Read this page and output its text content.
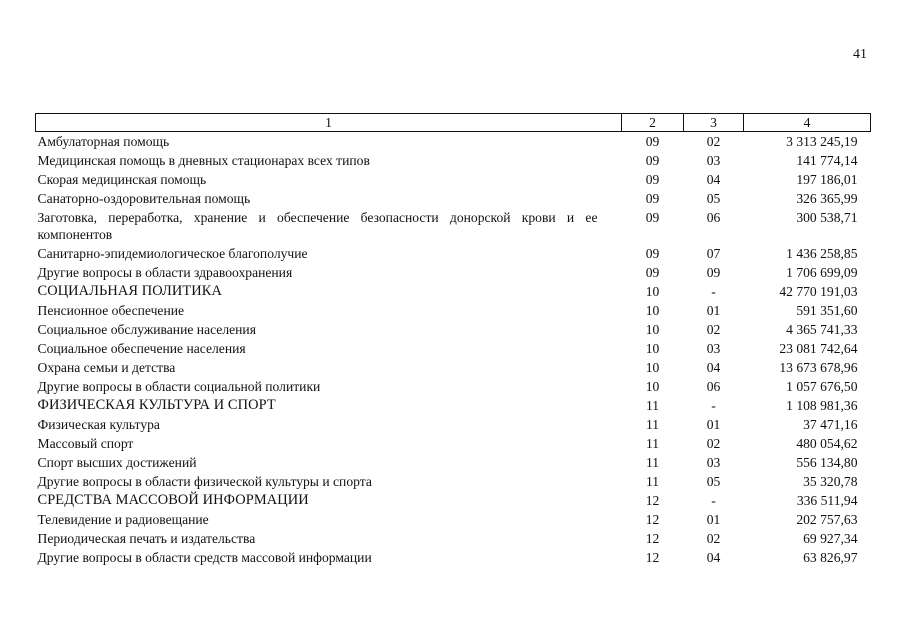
41
1	2	3	4
Амбулаторная помощь	09	02	3 313 245,19
Медицинская помощь в дневных стационарах всех типов	09	03	141 774,14
Скорая медицинская помощь	09	04	197 186,01
Санаторно-оздоровительная помощь	09	05	326 365,99
Заготовка, переработка, хранение и обеспечение безопасности донорской крови и ее компонентов	09	06	300 538,71
Санитарно-эпидемиологическое благополучие	09	07	1 436 258,85
Другие вопросы в области здравоохранения	09	09	1 706 699,09
СОЦИАЛЬНАЯ ПОЛИТИКА	10	-	42 770 191,03
Пенсионное обеспечение	10	01	591 351,60
Социальное обслуживание населения	10	02	4 365 741,33
Социальное обеспечение населения	10	03	23 081 742,64
Охрана семьи и детства	10	04	13 673 678,96
Другие вопросы в области социальной политики	10	06	1 057 676,50
ФИЗИЧЕСКАЯ КУЛЬТУРА И СПОРТ	11	-	1 108 981,36
Физическая культура	11	01	37 471,16
Массовый спорт	11	02	480 054,62
Спорт высших достижений	11	03	556 134,80
Другие вопросы в области физической культуры и спорта	11	05	35 320,78
СРЕДСТВА МАССОВОЙ ИНФОРМАЦИИ	12	-	336 511,94
Телевидение и радиовещание	12	01	202 757,63
Периодическая печать и издательства	12	02	69 927,34
Другие вопросы в области средств массовой информации	12	04	63 826,97
